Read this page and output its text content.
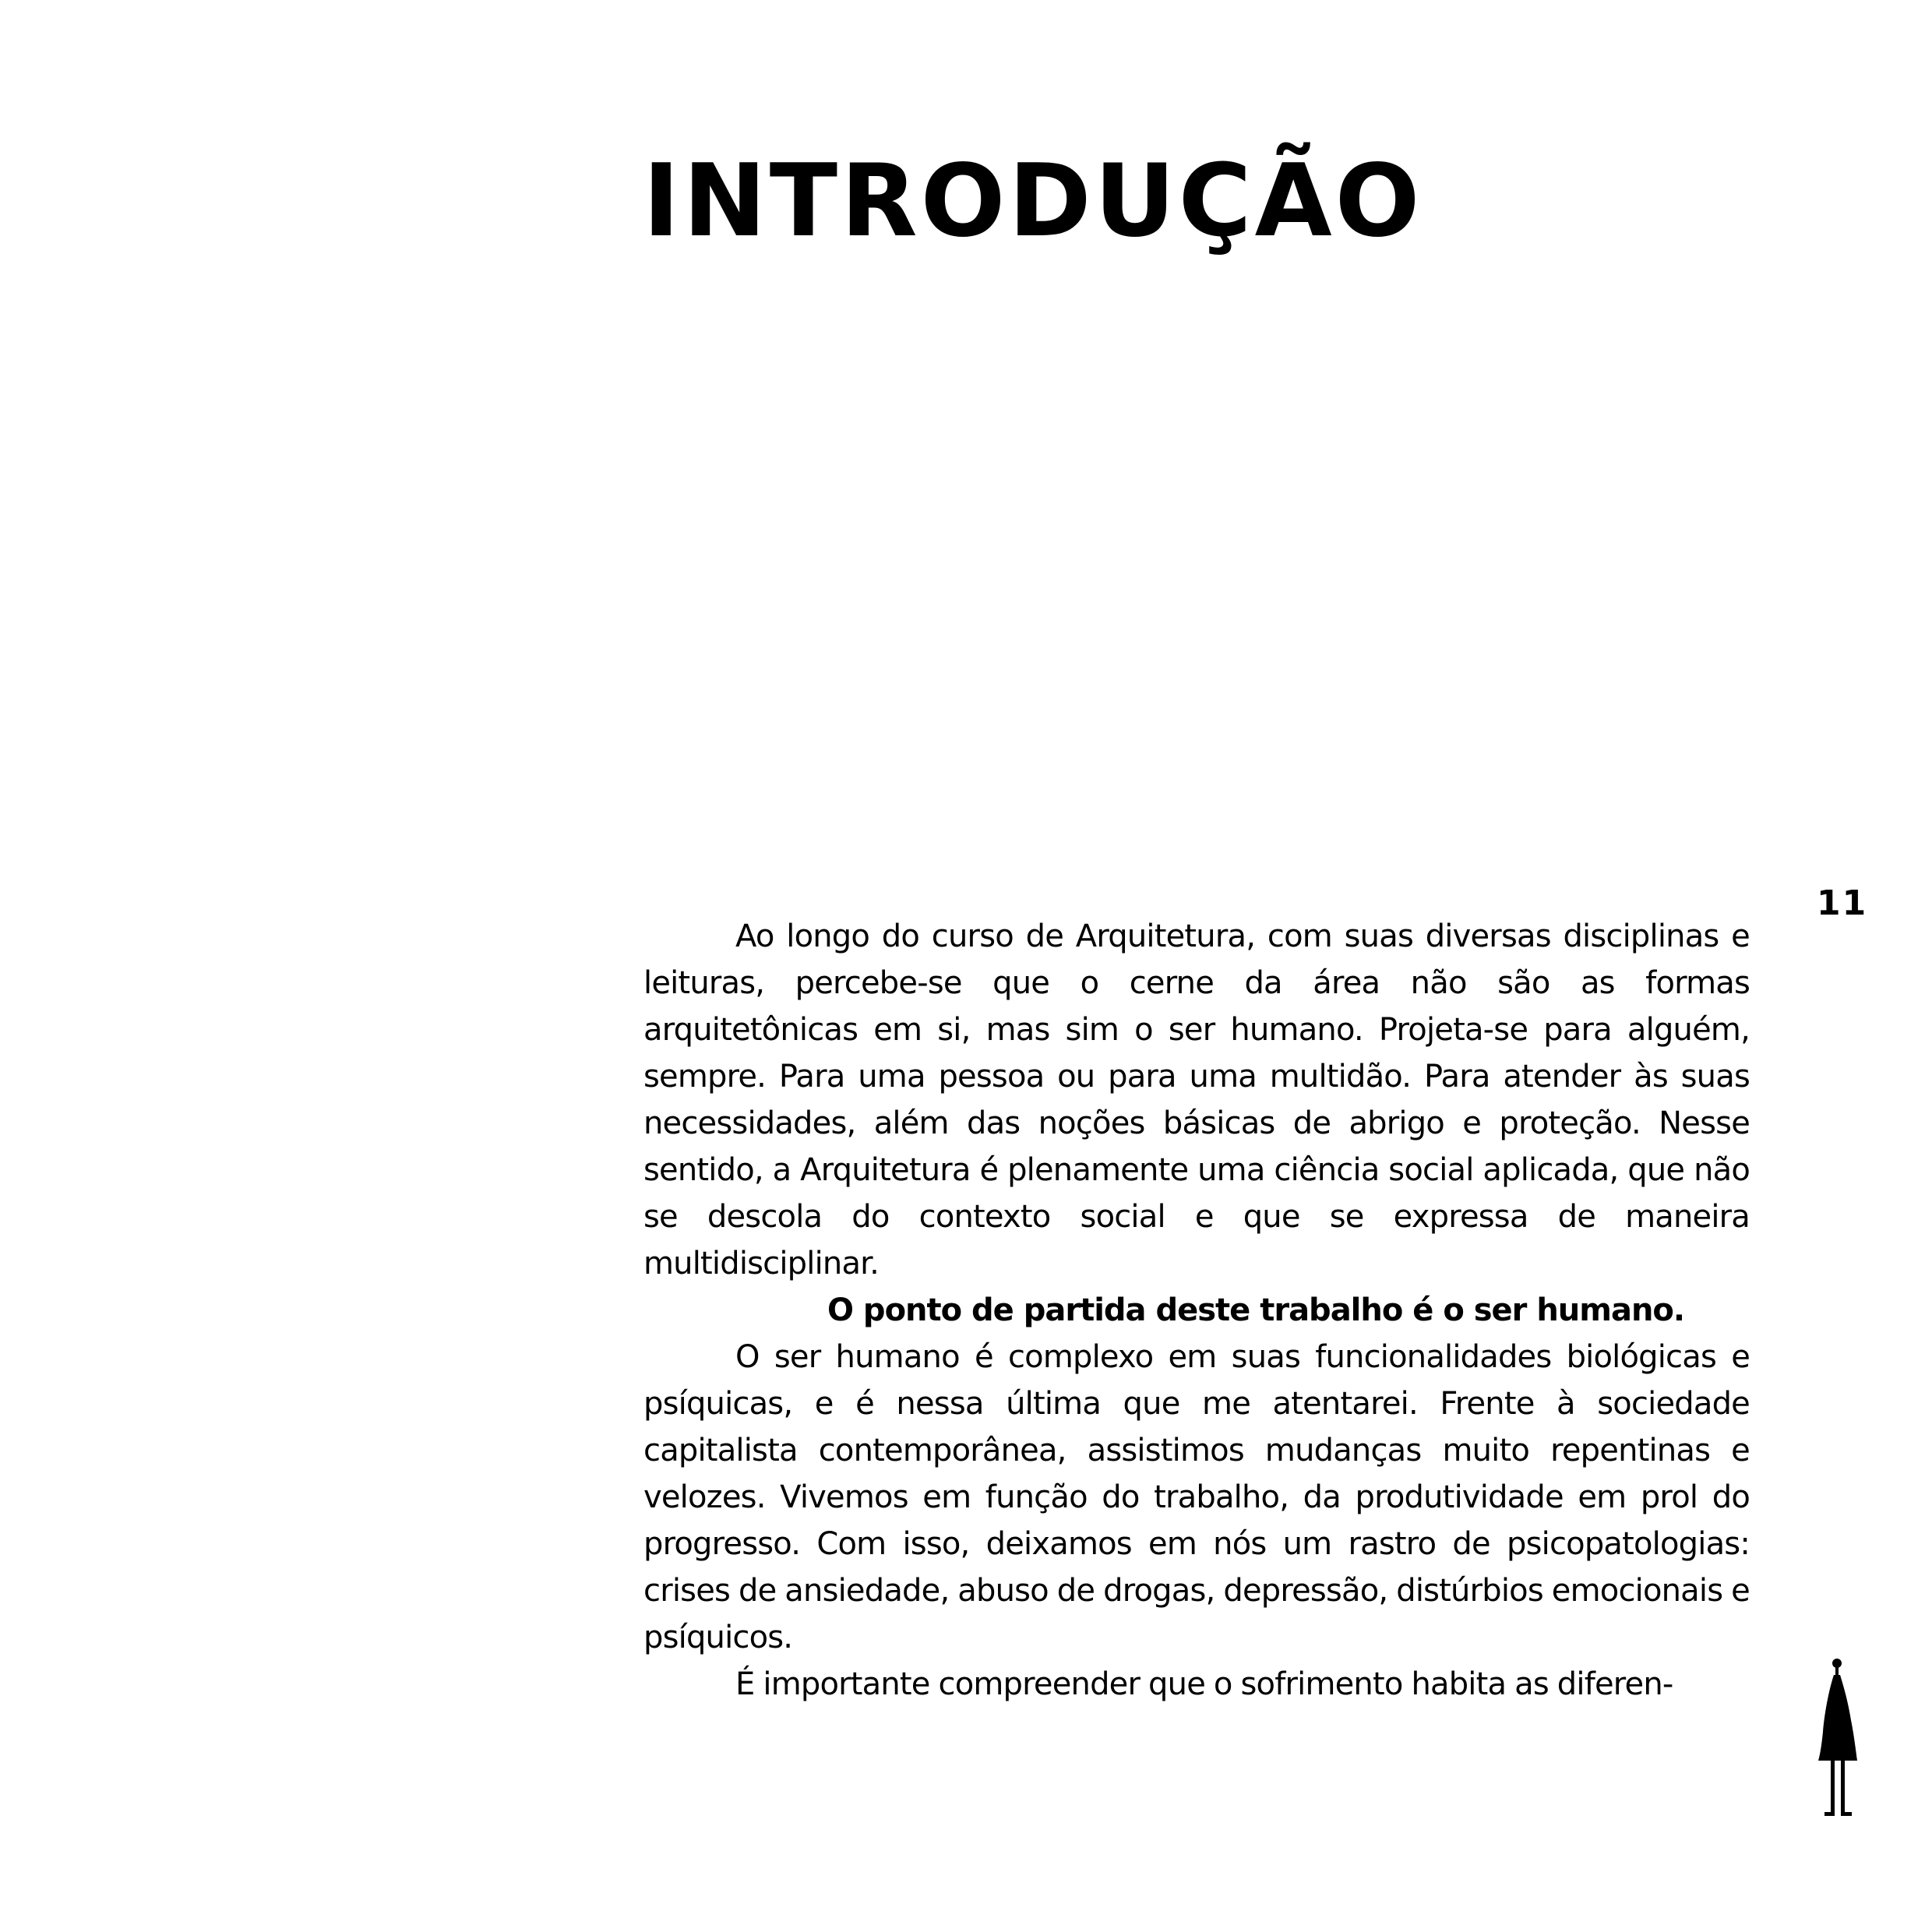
INTRODUÇÃO
11

Ao longo do curso de Arquitetura, com suas diversas disciplinas e leituras, percebe-se que o cerne da área não são as formas arquitetônicas em si, mas sim o ser humano. Projeta-se para alguém, sempre. Para uma pessoa ou para uma multidão. Para atender às suas necessidades, além das noções básicas de abrigo e proteção. Nesse sentido, a Arquitetura é plenamente uma ciência social aplicada, que não se descola do contexto social e que se expressa de maneira multidisciplinar.

O ponto de partida deste trabalho é o ser humano.

O ser humano é complexo em suas funcionalidades biológicas e psíquicas, e é nessa última que me atentarei. Frente à sociedade capitalista contemporânea, assistimos mudanças muito repentinas e velozes. Vivemos em função do trabalho, da produtividade em prol do progresso. Com isso, deixamos em nós um rastro de psicopatologias: crises de ansiedade, abuso de drogas, depressão, distúrbios emocionais e psíquicos.

É importante compreender que o sofrimento habita as diferen-
